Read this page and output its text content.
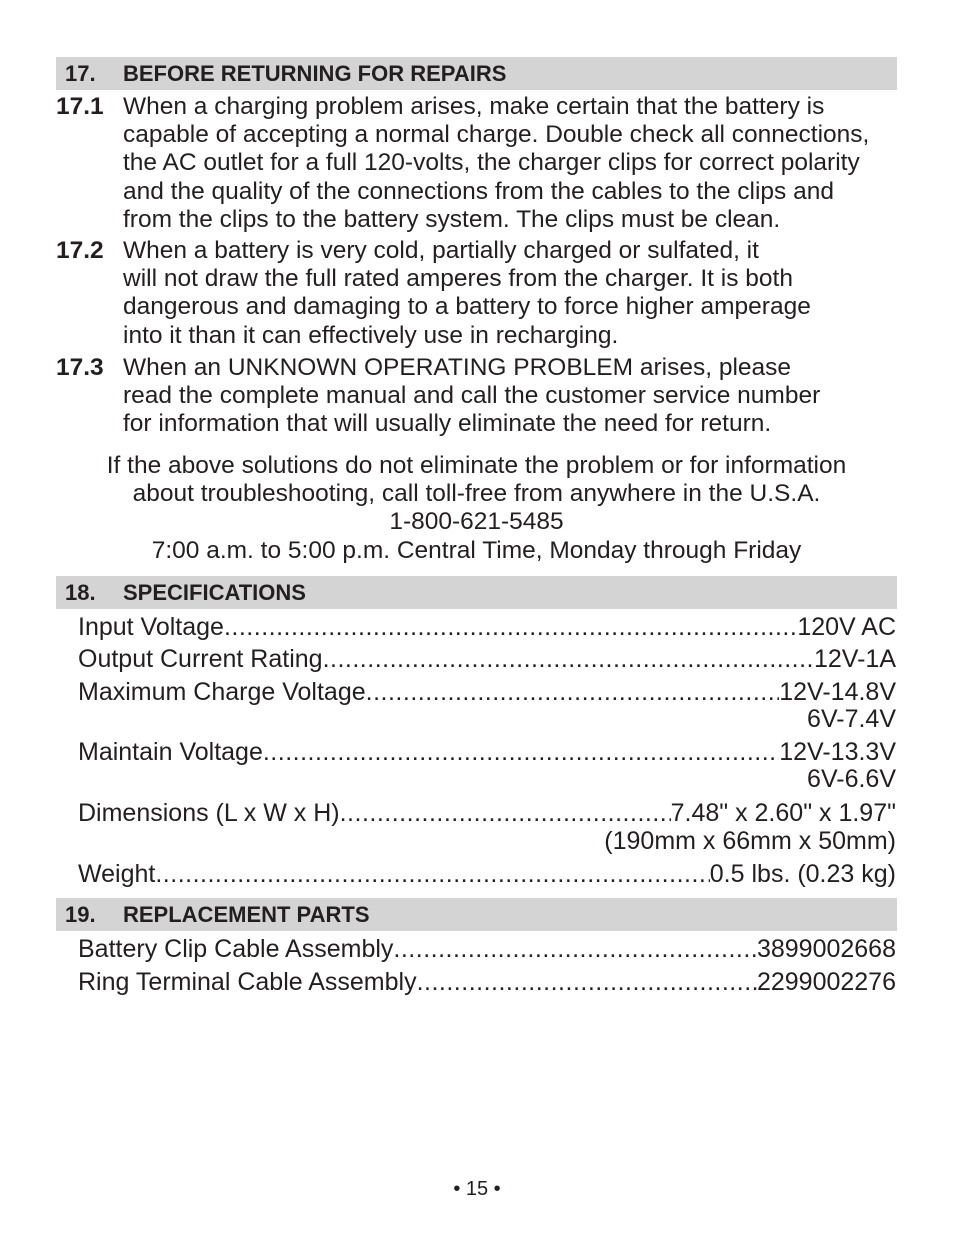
17. BEFORE RETURNING FOR REPAIRS
17.1 When a charging problem arises, make certain that the battery is
capable of accepting a normal charge. Double check all connections,
the AC outlet for a full 120-volts, the charger clips for correct polarity
and the quality of the connections from the cables to the clips and
from the clips to the battery system. The clips must be clean.
17.2 When a battery is very cold, partially charged or sulfated, it
will not draw the full rated amperes from the charger. It is both
dangerous and damaging to a battery to force higher amperage
into it than it can effectively use in recharging.
17.3 When an UNKNOWN OPERATING PROBLEM arises, please
read the complete manual and call the customer service number
for information that will usually eliminate the need for return.
If the above solutions do not eliminate the problem or for information
about troubleshooting, call toll-free from anywhere in the U.S.A.
1-800-621-5485
7:00 a.m. to 5:00 p.m. Central Time, Monday through Friday
18. SPECIFICATIONS
Input Voltage .....	120V AC
Output Current Rating .....	12V-1A
Maximum Charge Voltage .....	12V-14.8V
6V-7.4V
Maintain Voltage .....	12V-13.3V
6V-6.6V
Dimensions (L x W x H) .....	7.48" x 2.60" x 1.97"
(190mm x 66mm x 50mm)
Weight .....	0.5 lbs. (0.23 kg)
19. REPLACEMENT PARTS
Battery Clip Cable Assembly .....	3899002668
Ring Terminal Cable Assembly .....	2299002276
• 15 •
